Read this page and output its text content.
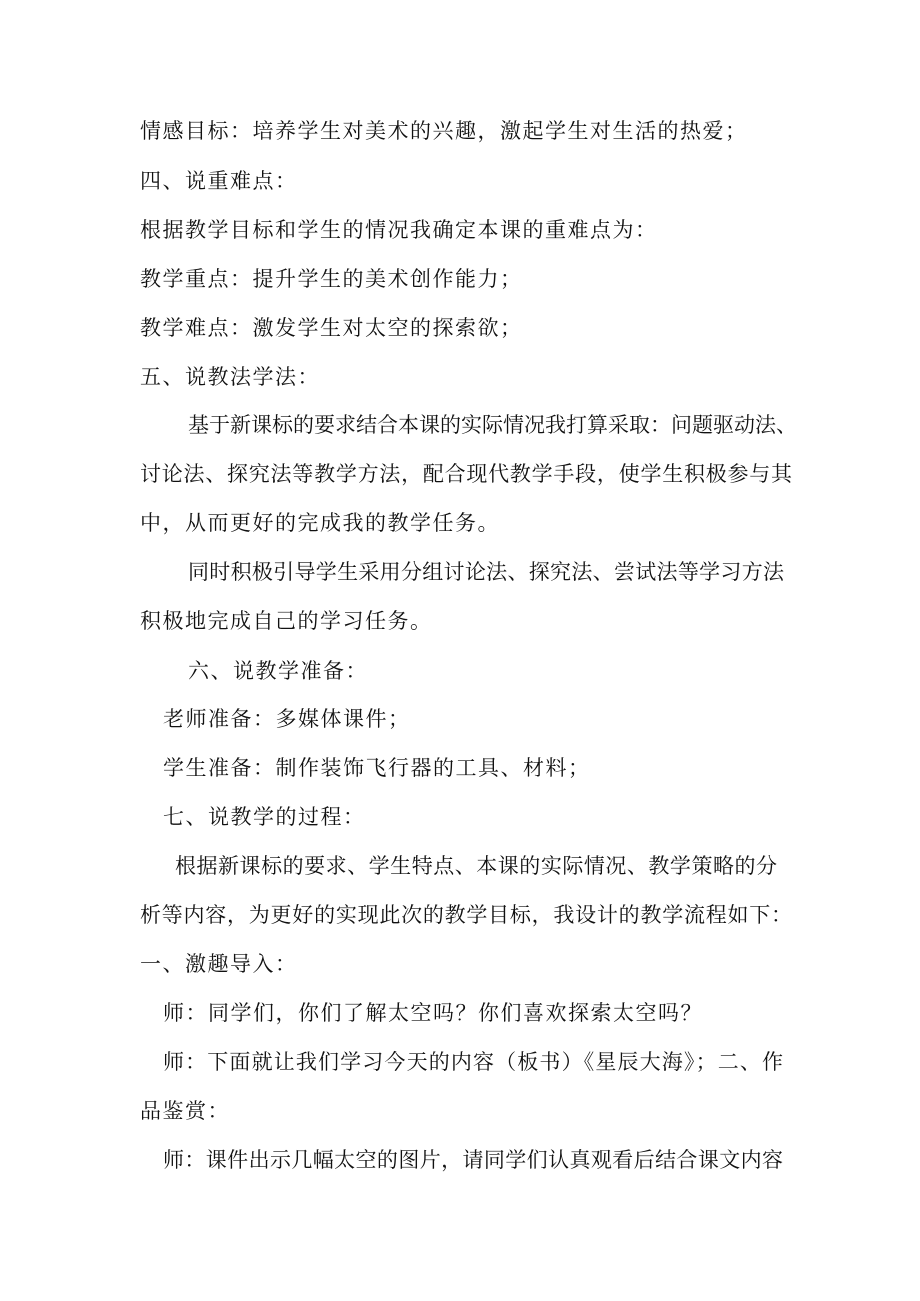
情感目标：培养学生对美术的兴趣，激起学生对生活的热爱；
四、说重难点：
根据教学目标和学生的情况我确定本课的重难点为：
教学重点：提升学生的美术创作能力；
教学难点：激发学生对太空的探索欲；
五、说教法学法：
基于新课标的要求结合本课的实际情况我打算采取：问题驱动法、
讨论法、探究法等教学方法，配合现代教学手段，使学生积极参与其
中，从而更好的完成我的教学任务。
同时积极引导学生采用分组讨论法、探究法、尝试法等学习方法
积极地完成自己的学习任务。
六、说教学准备：
老师准备：多媒体课件；
学生准备：制作装饰飞行器的工具、材料；
七、说教学的过程：
根据新课标的要求、学生特点、本课的实际情况、教学策略的分
析等内容，为更好的实现此次的教学目标，我设计的教学流程如下：
一、激趣导入：
师：同学们，你们了解太空吗？你们喜欢探索太空吗？
师：下面就让我们学习今天的内容（板书）《星辰大海》；二、作
品鉴赏：
师：课件出示几幅太空的图片，请同学们认真观看后结合课文内容
